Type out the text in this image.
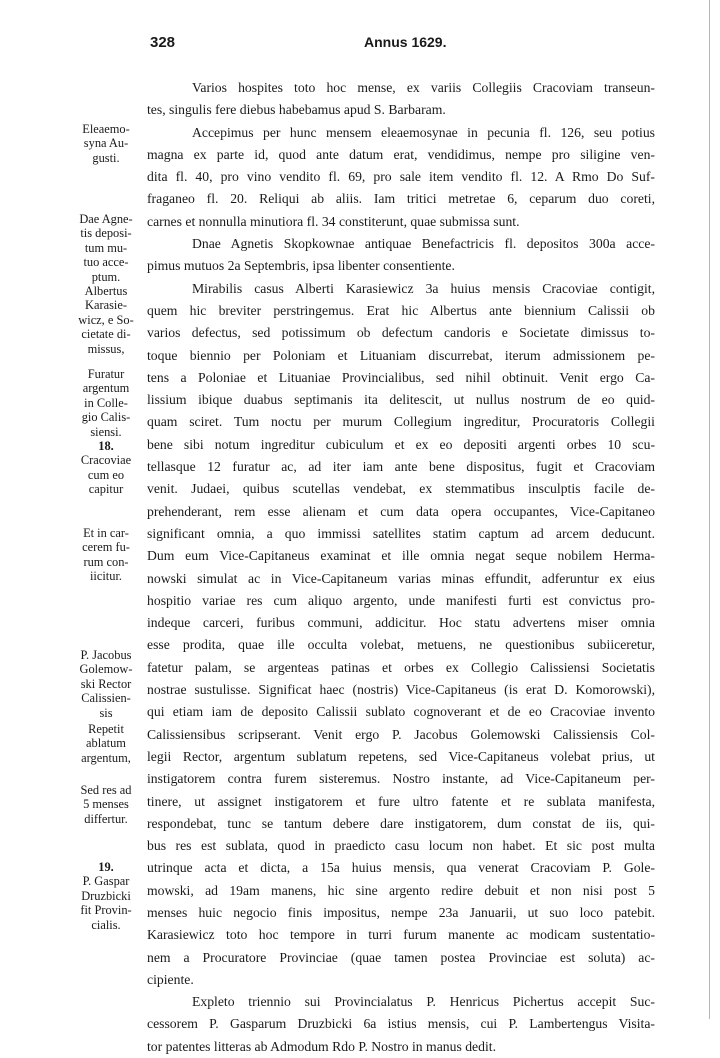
328	Annus 1629.
Eleaemo-
syna Au-
gusti.
Dae Agne-
tis deposi-
tum mu-
tuo acce-
ptum.
Albertus
Karasie-
wicz, e So-
cietate di-
missus,
Furatur
argentum
in Colle-
gio Calis-
siensi.
18.
Cracoviae
cum eo
capitur
Et in car-
cerem fu-
rum con-
iicitur.
P. Jacobus
Golemow-
ski Rector
Calissien-
sis
Repetit
ablatum
argentum,
Sed res ad
5 menses
differtur.
19.
P. Gaspar
Druzbicki
fit Provin-
cialis.
Varios hospites toto hoc mense, ex variis Collegiis Cracoviam transeun-
tes, singulis fere diebus habebamus apud S. Barbaram.
Accepimus per hunc mensem eleaemosynae in pecunia fl. 126, seu potius
magna ex parte id, quod ante datum erat, vendidimus, nempe pro siligine ven-
dita fl. 40, pro vino vendito fl. 69, pro sale item vendito fl. 12. A Rmo Do Suf-
fraganeo fl. 20. Reliqui ab aliis. Iam tritici metretae 6, ceparum duo coreti,
carnes et nonnulla minutiora fl. 34 constiterunt, quae submissa sunt.
Dnae Agnetis Skopkownae antiquae Benefactricis fl. depositos 300a acce-
pimus mutuos 2a Septembris, ipsa libenter consentiente.
Mirabilis casus Alberti Karasiewicz 3a huius mensis Cracoviae contigit,
quem hic breviter perstringemus. Erat hic Albertus ante biennium Calissii ob
varios defectus, sed potissimum ob defectum candoris e Societate dimissus to-
toque biennio per Poloniam et Lituaniam discurrebat, iterum admissionem pe-
tens a Poloniae et Lituaniae Provincialibus, sed nihil obtinuit. Venit ergo Ca-
lissium ibique duabus septimanis ita delitescit, ut nullus nostrum de eo quid-
quam sciret. Tum noctu per murum Collegium ingreditur, Procuratoris Collegii
bene sibi notum ingreditur cubiculum et ex eo depositi argenti orbes 10 scu-
tellasque 12 furatur ac, ad iter iam ante bene dispositus, fugit et Cracoviam
venit. Judaei, quibus scutellas vendebat, ex stemmatibus insculptis facile de-
prehenderant, rem esse alienam et cum data opera occupantes, Vice-Capitaneo
significant omnia, a quo immissi satellites statim captum ad arcem deducunt.
Dum eum Vice-Capitaneus examinat et ille omnia negat seque nobilem Herma-
nowski simulat ac in Vice-Capitaneum varias minas effundit, adferuntur ex eius
hospitio variae res cum aliquo argento, unde manifesti furti est convictus pro-
indeque carceri, furibus communi, addicitur. Hoc statu advertens miser omnia
esse prodita, quae ille occulta volebat, metuens, ne questionibus subiiceretur,
fatetur palam, se argenteas patinas et orbes ex Collegio Calissiensi Societatis
nostrae sustulisse. Significat haec (nostris) Vice-Capitaneus (is erat D. Komorowski),
qui etiam iam de deposito Calissii sublato cognoverant et de eo Cracoviae invento
Calissiensibus scripserant. Venit ergo P. Jacobus Golemowski Calissiensis Col-
legii Rector, argentum sublatum repetens, sed Vice-Capitaneus volebat prius, ut
instigatorem contra furem sisteremus. Nostro instante, ad Vice-Capitaneum per-
tinere, ut assignet instigatorem et fure ultro fatente et re sublata manifesta,
respondebat, tunc se tantum debere dare instigatorem, dum constat de iis, qui-
bus res est sublata, quod in praedicto casu locum non habet. Et sic post multa
utrinque acta et dicta, a 15a huius mensis, qua venerat Cracoviam P. Gole-
mowski, ad 19am manens, hic sine argento redire debuit et non nisi post 5
menses huic negocio finis impositus, nempe 23a Januarii, ut suo loco patebit.
Karasiewicz toto hoc tempore in turri furum manente ac modicam sustentatio-
nem a Procuratore Provinciae (quae tamen postea Provinciae est soluta) ac-
cipiente.
Expleto triennio sui Provincialatus P. Henricus Pichertus accepit Suc-
cessorem P. Gasparum Druzbicki 6a istius mensis, cui P. Lambertengus Visita-
tor patentes litteras ab Admodum Rdo P. Nostro in manus dedit.
